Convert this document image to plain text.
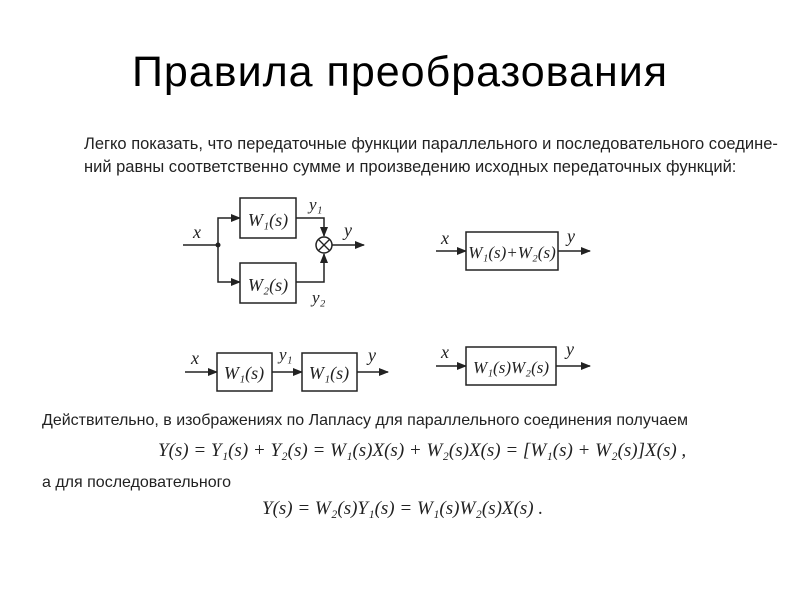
Правила преобразования
Легко показать, что передаточные функции параллельного и последовательного соедине-
ний равны соответственно сумме и произведению исходных передаточных функций:
x
W₁(s)
W₂(s)
y₁
y₂
y	x
W₁(s)+W₂(s)
y
x
W₁(s)
y₁
W₁(s)
y	x
W₁(s)W₂(s)
y
Действительно, в изображениях по Лапласу для параллельного соединения получаем
Y(s) = Y₁(s) + Y₂(s) = W₁(s)X(s) + W₂(s)X(s) = [W₁(s) + W₂(s)]X(s) ,
а для последовательного
Y(s) = W₂(s)Y₁(s) = W₁(s)W₂(s)X(s) .
